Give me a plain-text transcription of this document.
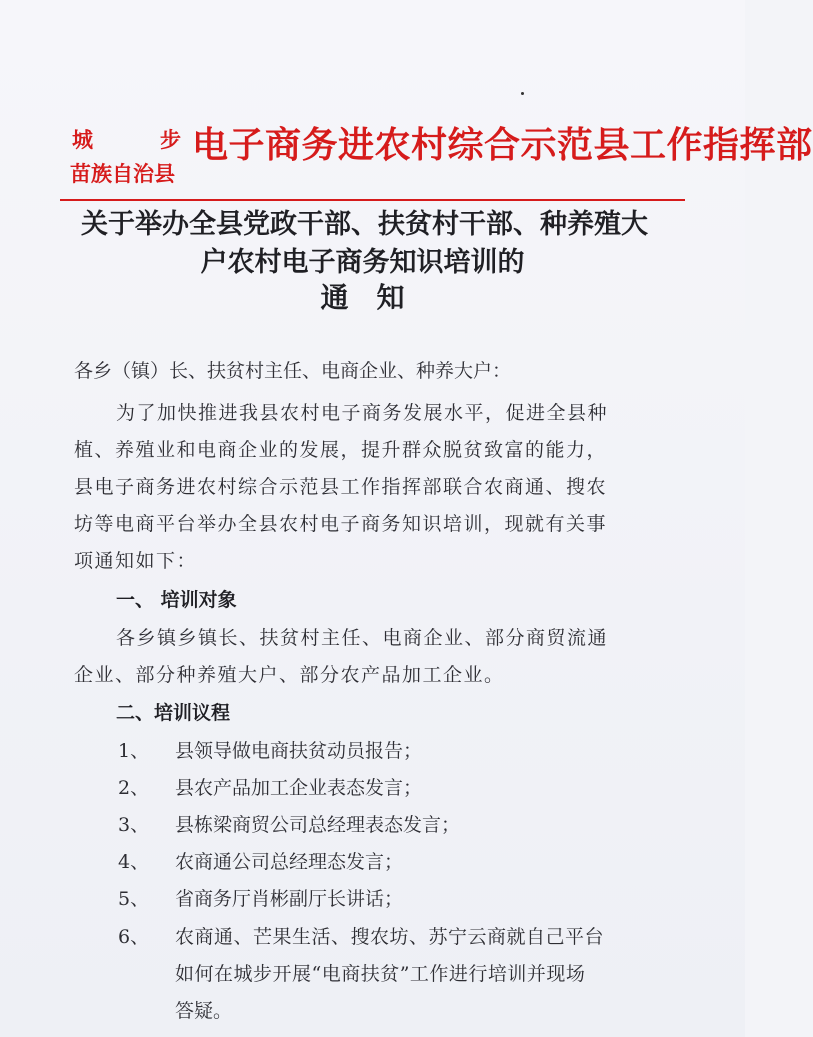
城	步
苗族自治县
电子商务进农村综合示范县工作指挥部
关于举办全县党政干部、扶贫村干部、种养殖大
户农村电子商务知识培训的
通　知
各乡（镇）长、扶贫村主任、电商企业、种养大户：
为了加快推进我县农村电子商务发展水平，促进全县种
植、养殖业和电商企业的发展，提升群众脱贫致富的能力，
县电子商务进农村综合示范县工作指挥部联合农商通、搜农
坊等电商平台举办全县农村电子商务知识培训，现就有关事
项通知如下：
一、 培训对象
各乡镇乡镇长、扶贫村主任、电商企业、部分商贸流通
企业、部分种养殖大户、部分农产品加工企业。
二、培训议程
1、 县领导做电商扶贫动员报告；
2、 县农产品加工企业表态发言；
3、 县栋梁商贸公司总经理表态发言；
4、 农商通公司总经理态发言；
5、 省商务厅肖彬副厅长讲话；
6、 农商通、芒果生活、搜农坊、苏宁云商就自己平台
如何在城步开展“电商扶贫”工作进行培训并现场
答疑。
